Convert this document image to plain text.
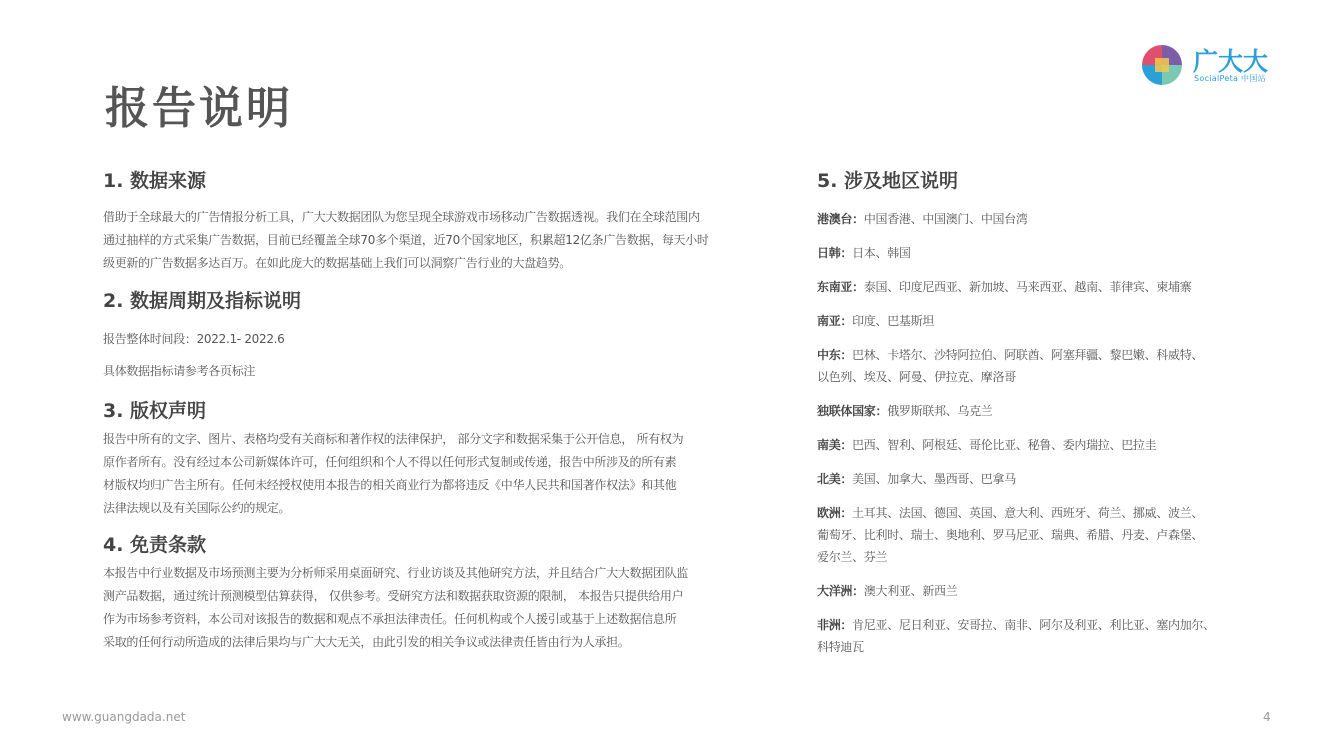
报告说明
广大大
SocialPeta 中国站
1. 数据来源

借助于全球最大的广告情报分析工具，广大大数据团队为您呈现全球游戏市场移动广告数据透视。我们在全球范围内

通过抽样的方式采集广告数据，目前已经覆盖全球70多个渠道，近70个国家地区，积累超12亿条广告数据，每天小时

级更新的广告数据多达百万。在如此庞大的数据基础上我们可以洞察广告行业的大盘趋势。

2. 数据周期及指标说明

报告整体时间段：2022.1- 2022.6

具体数据指标请参考各页标注

3. 版权声明

报告中所有的文字、图片、表格均受有关商标和著作权的法律保护， 部分文字和数据采集于公开信息， 所有权为

原作者所有。没有经过本公司新媒体许可，任何组织和个人不得以任何形式复制或传递，报告中所涉及的所有素

材版权均归广告主所有。任何未经授权使用本报告的相关商业行为都将违反《中华人民共和国著作权法》和其他

法律法规以及有关国际公约的规定。

4. 免责条款

本报告中行业数据及市场预测主要为分析师采用桌面研究、行业访谈及其他研究方法，并且结合广大大数据团队监

测产品数据，通过统计预测模型估算获得， 仅供参考。受研究方法和数据获取资源的限制， 本报告只提供给用户

作为市场参考资料，本公司对该报告的数据和观点不承担法律责任。任何机构或个人援引或基于上述数据信息所

采取的任何行动所造成的法律后果均与广大大无关，由此引发的相关争议或法律责任皆由行为人承担。

5. 涉及地区说明

港澳台：中国香港、中国澳门、中国台湾

日韩：日本、韩国

东南亚：泰国、印度尼西亚、新加坡、马来西亚、越南、菲律宾、柬埔寨

南亚：印度、巴基斯坦

中东：巴林、卡塔尔、沙特阿拉伯、阿联酋、阿塞拜疆、黎巴嫩、科威特、

以色列、埃及、阿曼、伊拉克、摩洛哥

独联体国家：俄罗斯联邦、乌克兰

南美：巴西、智利、阿根廷、哥伦比亚、秘鲁、委内瑞拉、巴拉圭

北美：美国、加拿大、墨西哥、巴拿马

欧洲：土耳其、法国、德国、英国、意大利、西班牙、荷兰、挪威、波兰、

葡萄牙、比利时、瑞士、奥地利、罗马尼亚、瑞典、希腊、丹麦、卢森堡、

爱尔兰、芬兰

大洋洲：澳大利亚、新西兰

非洲：肯尼亚、尼日利亚、安哥拉、南非、阿尔及利亚、利比亚、塞内加尔、

科特迪瓦

www.guangdada.net	4
